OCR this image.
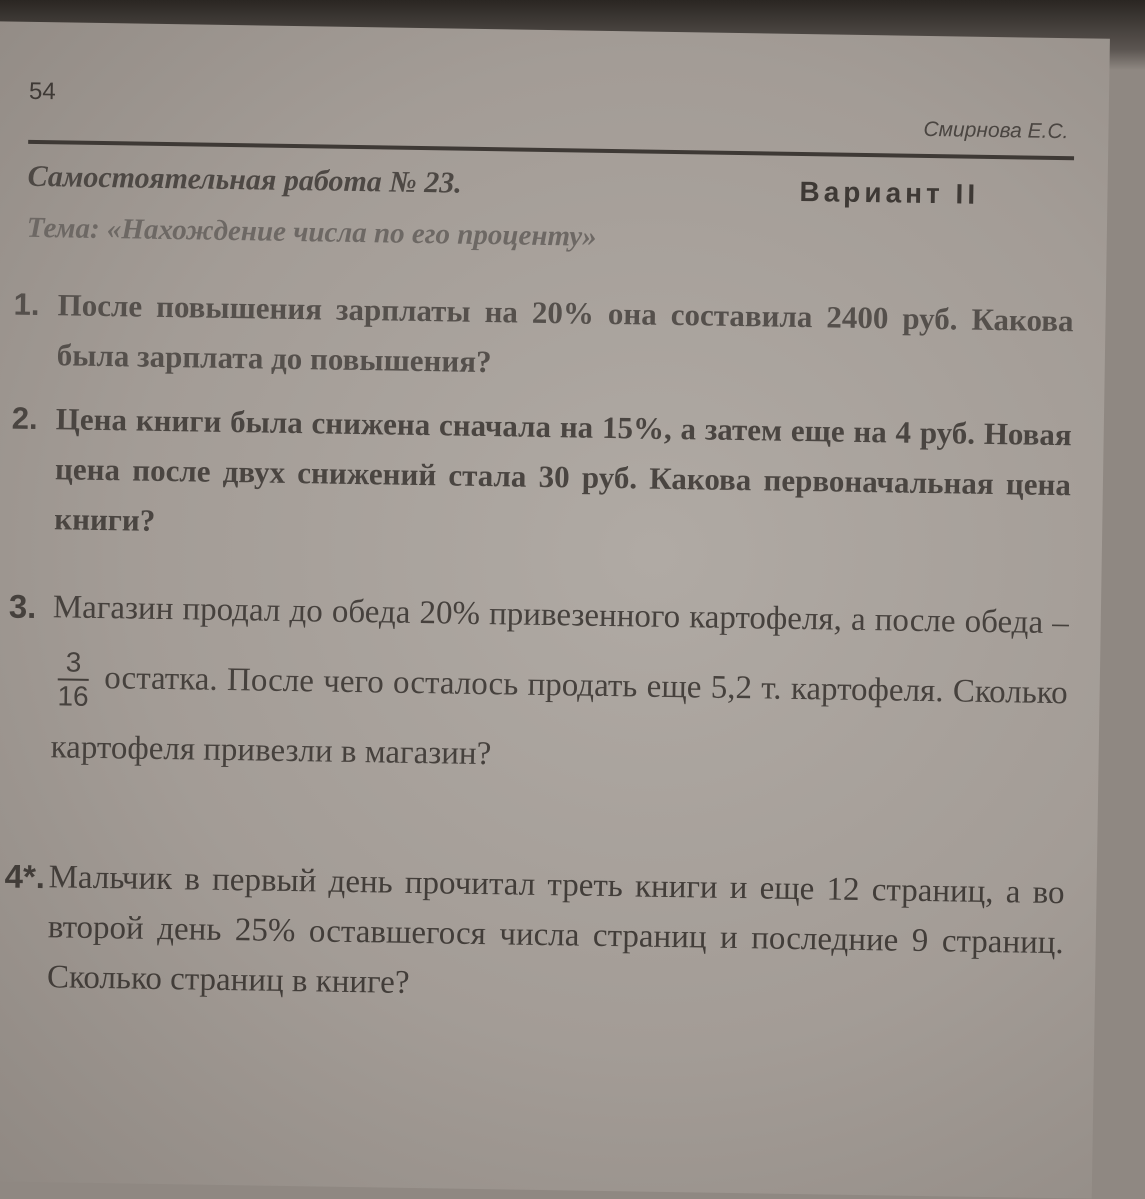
54
Смирнова Е.С.
Самостоятельная работа № 23.	Вариант II
Тема: «Нахождение числа по его проценту»
1. После повышения зарплаты на 20% она составила 2400 руб. Какова была зарплата до повышения?
2. Цена книги была снижена сначала на 15%, а затем еще на 4 руб. Новая цена после двух снижений стала 30 руб. Какова первоначальная цена книги?
3. Магазин продал до обеда 20% привезенного картофеля, а после обеда –
$\frac{3}{16}$ остатка. После чего осталось продать еще 5,2 т. картофеля. Сколько картофеля привезли в магазин?
4*. Мальчик в первый день прочитал треть книги и еще 12 страниц, а во второй день 25% оставшегося числа страниц и последние 9 страниц. Сколько страниц в книге?
